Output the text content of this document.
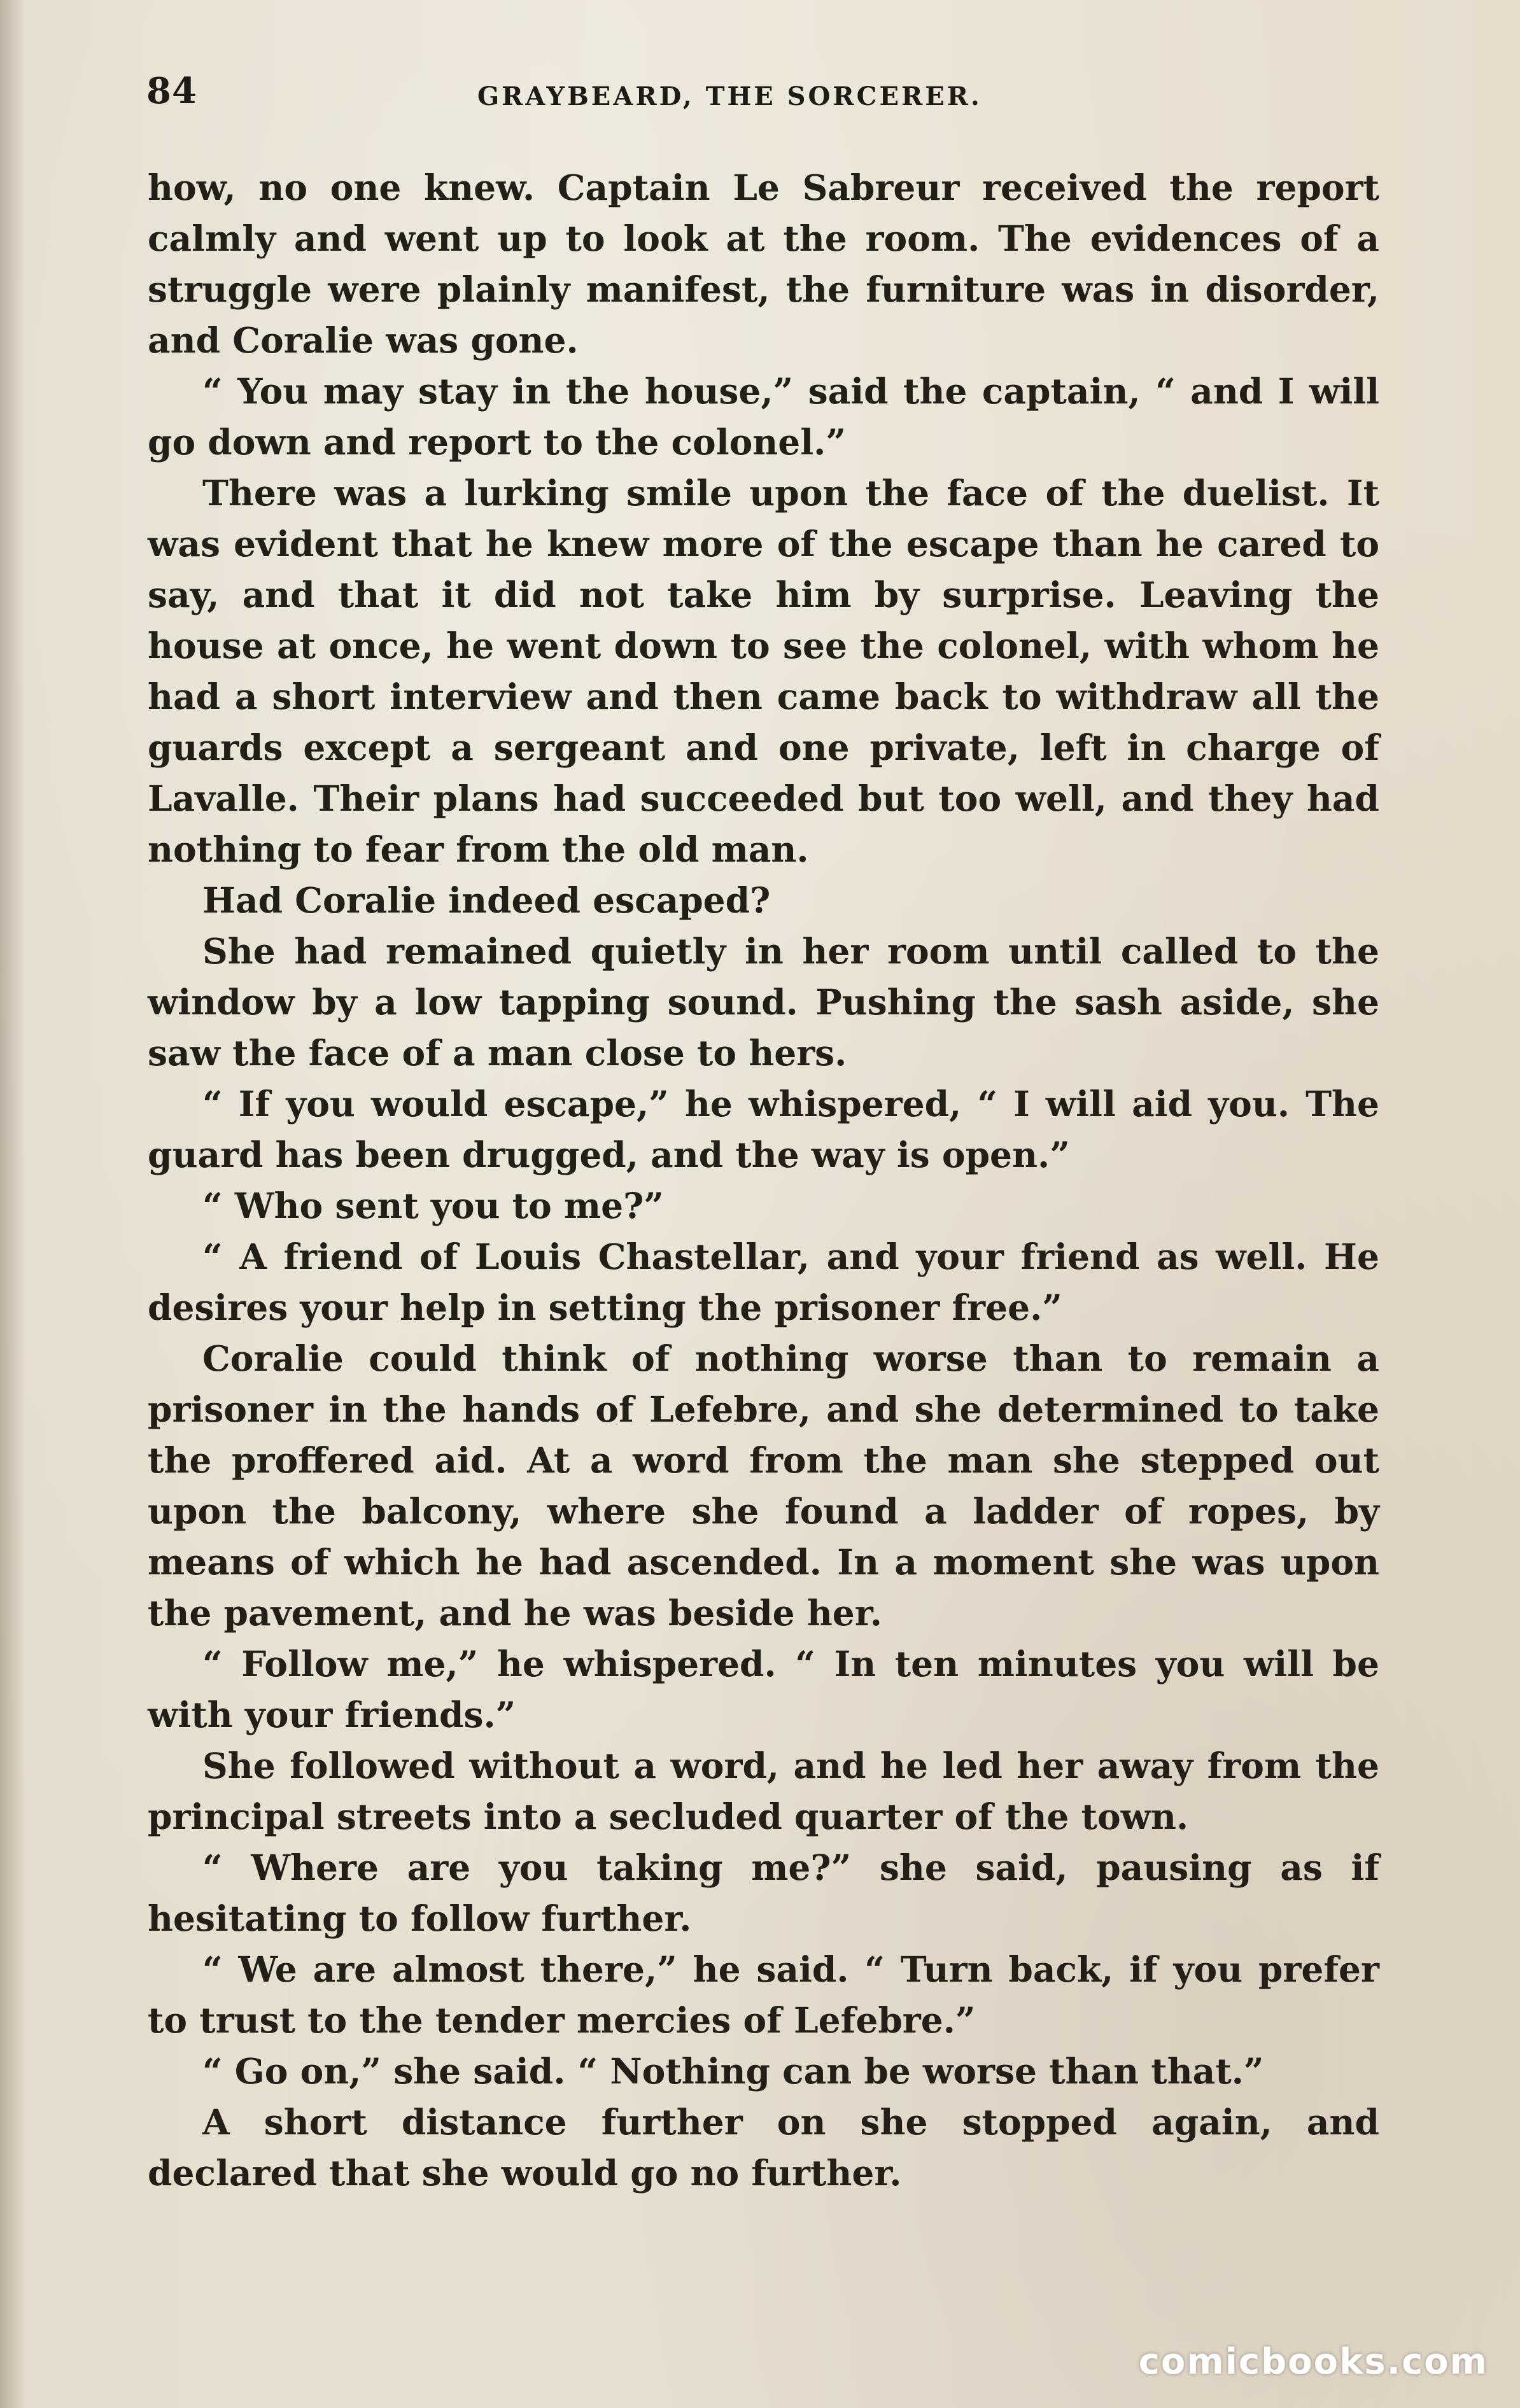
84	GRAYBEARD, THE SORCERER.

how, no one knew. Captain Le Sabreur received the report calmly and went up to look at the room. The evidences of a struggle were plainly manifest, the furniture was in disorder, and Coralie was gone.

“ You may stay in the house,” said the captain, “ and I will go down and report to the colonel.”

There was a lurking smile upon the face of the duelist. It was evident that he knew more of the escape than he cared to say, and that it did not take him by surprise. Leaving the house at once, he went down to see the colonel, with whom he had a short interview and then came back to withdraw all the guards except a sergeant and one private, left in charge of Lavalle. Their plans had succeeded but too well, and they had nothing to fear from the old man.

Had Coralie indeed escaped?

She had remained quietly in her room until called to the window by a low tapping sound. Pushing the sash aside, she saw the face of a man close to hers.

“ If you would escape,” he whispered, “ I will aid you. The guard has been drugged, and the way is open.”

“ Who sent you to me?”

“ A friend of Louis Chastellar, and your friend as well. He desires your help in setting the prisoner free.”

Coralie could think of nothing worse than to remain a prisoner in the hands of Lefebre, and she determined to take the proffered aid. At a word from the man she stepped out upon the balcony, where she found a ladder of ropes, by means of which he had ascended. In a moment she was upon the pavement, and he was beside her.

“ Follow me,” he whispered. “ In ten minutes you will be with your friends.”

She followed without a word, and he led her away from the principal streets into a secluded quarter of the town.

“ Where are you taking me?” she said, pausing as if hesitating to follow further.

“ We are almost there,” he said. “ Turn back, if you prefer to trust to the tender mercies of Lefebre.”

“ Go on,” she said. “ Nothing can be worse than that.”

A short distance further on she stopped again, and declared that she would go no further.

comicbooks.com
